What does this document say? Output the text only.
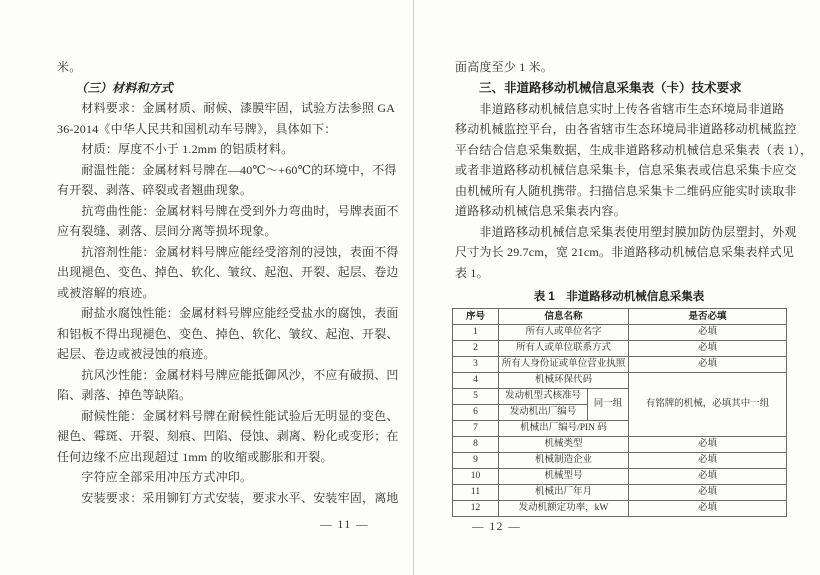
米。
　　（三）材料和方式
　　材料要求：金属材质、耐候、漆膜牢固，试验方法参照 GA
36-2014《中华人民共和国机动车号牌》，具体如下：
　　材质：厚度不小于 1.2mm 的铝质材料。
　　耐温性能：金属材料号牌在—40℃～+60℃的环境中，不得
有开裂、剥落、碎裂或者翘曲现象。
　　抗弯曲性能：金属材料号牌在受到外力弯曲时，号牌表面不
应有裂缝、剥落、层间分离等损坏现象。
　　抗溶剂性能：金属材料号牌应能经受溶剂的浸蚀，表面不得
出现褪色、变色、掉色、软化、皱纹、起泡、开裂、起层、卷边
或被溶解的痕迹。
　　耐盐水腐蚀性能：金属材料号牌应能经受盐水的腐蚀，表面
和铝板不得出现褪色、变色、掉色、软化、皱纹、起泡、开裂、
起层、卷边或被浸蚀的痕迹。
　　抗风沙性能：金属材料号牌应能抵御风沙，不应有破损、凹
陷、剥落、掉色等缺陷。
　　耐候性能：金属材料号牌在耐候性能试验后无明显的变色、
褪色、霉斑、开裂、刻痕、凹陷、侵蚀、剥离、粉化或变形；在
任何边缘不应出现超过 1mm 的收缩或膨胀和开裂。
　　字符应全部采用冲压方式冲印。
　　安装要求：采用铆钉方式安装，要求水平、安装牢固，离地
— 11 —
面高度至少 1 米。
三、非道路移动机械信息采集表（卡）技术要求
　　非道路移动机械信息实时上传各省辖市生态环境局非道路
移动机械监控平台，由各省辖市生态环境局非道路移动机械监控
平台结合信息采集数据，生成非道路移动机械信息采集表（表 1），
或者非道路移动机械信息采集卡，信息采集表或信息采集卡应交
由机械所有人随机携带。扫描信息采集卡二维码应能实时读取非
道路移动机械信息采集表内容。
　　非道路移动机械信息采集表使用塑封膜加防伪层塑封，外观
尺寸为长 29.7cm，宽 21cm。非道路移动机械信息采集表样式见
表 1。
表 1　非道路移动机械信息采集表
序号	信息名称		是否必填
1	所有人或单位名字		必填
2	所有人或单位联系方式		必填
3	所有人身份证或单位营业执照		必填
4	机械环保代码		有铭牌的机械，必填其中一组
5	发动机型式核准号	同一组	
6	发动机出厂编号		
7	机械出厂编号/PIN 码		
8	机械类型		必填
9	机械制造企业		必填
10	机械型号		必填
11	机械出厂年月		必填
12	发动机额定功率，kW		必填
— 12 —
